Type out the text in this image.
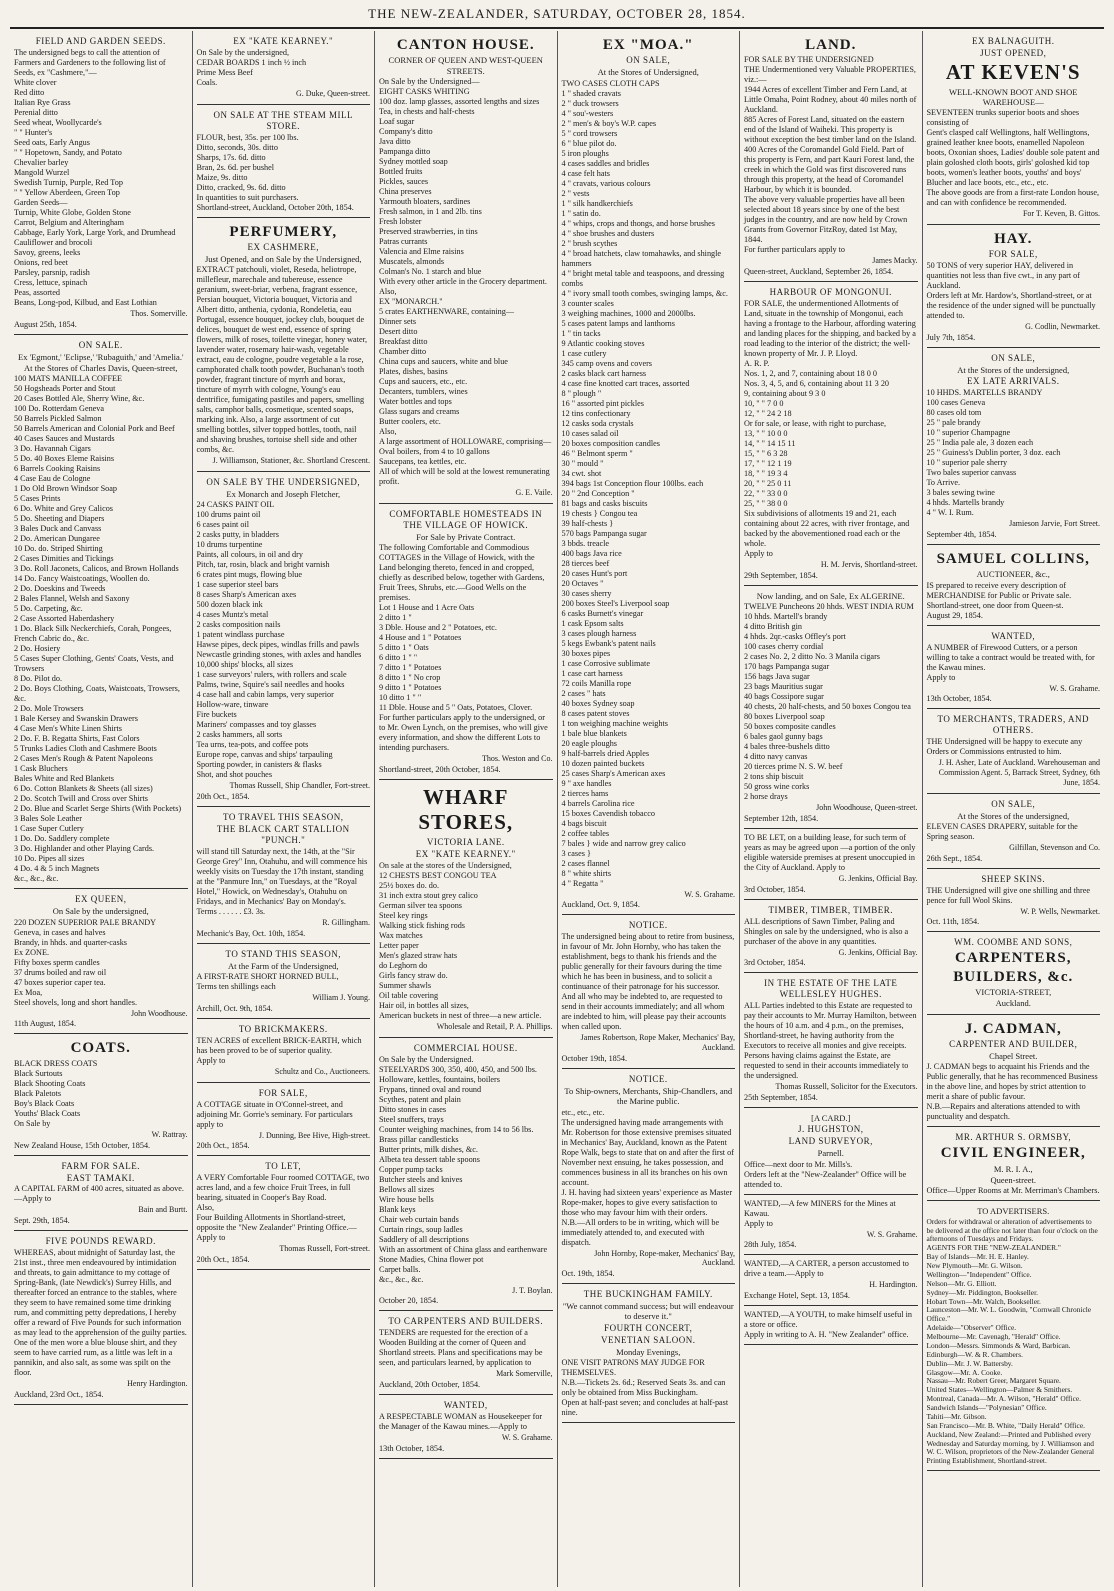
THE NEW-ZEALANDER, SATURDAY, OCTOBER 28, 1854.
FIELD AND GARDEN SEEDS.

The undersigned begs to call the attention of Farmers and Gardeners to the following list of Seeds, ex "Cashmere,"—

White clover

Red ditto

Italian Rye Grass

Perenial ditto

Seed wheat, Woollycarde's

" " Hunter's

Seed oats, Early Angus

" " Hopetown, Sandy, and Potato

Chevalier barley

Mangold Wurzel

Swedish Turnip, Purple, Red Top

" " Yellow Aberdeen, Green Top

Garden Seeds—

Turnip, White Globe, Golden Stone

Carrot, Belgium and Alteringham

Cabbage, Early York, Large York, and Drumhead

Cauliflower and brocoli

Savoy, greens, leeks

Onions, red beet

Parsley, parsnip, radish

Cress, lettuce, spinach

Peas, assorted

Beans, Long-pod, Kilbud, and East Lothian

Thos. Somerville.
August 25th, 1854.
ON SALE.
Ex 'Egmont,' 'Eclipse,' 'Rubaguith,' and 'Amelia.'
At the Stores of Charles Davis, Queen-street,

100 MATS MANILLA COFFEE

50 Hogsheads Porter and Stout

20 Cases Bottled Ale, Sherry Wine, &c.

100 Do. Rotterdam Geneva

50 Barrels Pickled Salmon

50 Barrels American and Colonial Pork and Beef

40 Cases Sauces and Mustards

3 Do. Havannah Cigars

5 Do. 40 Boxes Eleme Raisins

6 Barrels Cooking Raisins

4 Case Eau de Cologne

1 Do Old Brown Windsor Soap

5 Cases Prints

6 Do. White and Grey Calicos

5 Do. Sheeting and Diapers

3 Bales Duck and Canvass

2 Do. American Dungaree

10 Do. do. Striped Shirting

2 Cases Dimities and Tickings

3 Do. Roll Jaconets, Calicos, and Brown Hollands

14 Do. Fancy Waistcoatings, Woollen do.

2 Do. Doeskins and Tweeds

2 Bales Flannel, Welsh and Saxony

5 Do. Carpeting, &c.

2 Case Assorted Haberdashery

1 Do. Black Silk Neckerchiefs, Corah, Pongees, French Cabric do., &c.

2 Do. Hosiery

5 Cases Super Clothing, Gents' Coats, Vests, and Trowsers

8 Do. Pilot do.

2 Do. Boys Clothing, Coats, Waistcoats, Trowsers, &c.

2 Do. Mole Trowsers

1 Bale Kersey and Swanskin Drawers

4 Case Men's White Linen Shirts

2 Do. F. B. Regatta Shirts, Fast Colors

5 Trunks Ladies Cloth and Cashmere Boots

2 Cases Men's Rough & Patent Napoleons

1 Cask Bluchers

Bales White and Red Blankets

6 Do. Cotton Blankets & Sheets (all sizes)

2 Do. Scotch Twill and Cross over Shirts

2 Do. Blue and Scarlet Serge Shirts (With Pockets)

3 Bales Sole Leather

1 Case Super Cutlery

1 Do. Do. Saddlery complete

3 Do. Highlander and other Playing Cards.

10 Do. Pipes all sizes

4 Do. 4 & 5 inch Magnets

&c., &c., &c.

EX QUEEN,
On Sale by the undersigned,

220 DOZEN SUPERIOR PALE BRANDY

Geneva, in cases and halves

Brandy, in hhds. and quarter-casks

Ex ZONE.

Fifty boxes sperm candles

37 drums boiled and raw oil

47 boxes superior caper tea.

Ex Moa,

Steel shovels, long and short handles.

John Woodhouse.
11th August, 1854.
COATS.

BLACK DRESS COATS

Black Surtouts

Black Shooting Coats

Black Paletots

Boy's Black Coats

Youths' Black Coats

On Sale by

W. Rattray.
New Zealand House, 15th October, 1854.
FARM FOR SALE.
EAST TAMAKI.

A CAPITAL FARM of 400 acres, situated as above.—Apply to

Bain and Burtt.
Sept. 29th, 1854.
FIVE POUNDS REWARD.

WHEREAS, about midnight of Saturday last, the 21st inst., three men endeavoured by intimidation and threats, to gain admittance to my cottage of Spring-Bank, (late Newdick's) Surrey Hills, and thereafter forced an entrance to the stables, where they seem to have remained some time drinking rum, and committing petty depredations, I hereby offer a reward of Five Pounds for such information as may lead to the apprehension of the guilty parties.

One of the men wore a blue blouse shirt, and they seem to have carried rum, as a little was left in a pannikin, and also salt, as some was spilt on the floor.

Henry Hardington.
Auckland, 23rd Oct., 1854.
EX "KATE KEARNEY."

On Sale by the undersigned,

CEDAR BOARDS 1 inch ½ inch

Prime Mess Beef

Coals.

G. Duke, Queen-street.
ON SALE AT THE STEAM MILL STORE.

FLOUR, best, 35s. per 100 lbs.

Ditto, seconds, 30s. ditto

Sharps, 17s. 6d. ditto

Bran, 2s. 6d. per bushel

Maize, 9s. ditto

Ditto, cracked, 9s. 6d. ditto

In quantities to suit purchasers.

Shortland-street, Auckland, October 20th, 1854.
PERFUMERY,
EX CASHMERE,
Just Opened, and on Sale by the Undersigned,

EXTRACT patchouli, violet, Reseda, heliotrope, millefleur, marechale and tubereuse, essence geranium, sweet-briar, verbena, fragrant essence, Persian bouquet, Victoria bouquet, Victoria and Albert ditto, anthenia, cydonia, Rondeletia, eau Portugal, essence bouquet, jockey club, bouquet de delices, bouquet de west end, essence of spring flowers, milk of roses, toilette vinegar, honey water, lavender water, rosemary hair-wash, vegetable extract, eau de cologne, poudre vegetable a la rose, camphorated chalk tooth powder, Buchanan's tooth powder, fragrant tincture of myrrh and borax, tincture of myrrh with cologne, Young's eau dentrifice, fumigating pastiles and papers, smelling salts, camphor balls, cosmetique, scented soaps, marking ink. Also, a large assortment of cut smelling bottles, silver topped bottles, tooth, nail and shaving brushes, tortoise shell side and other combs, &c.

J. Williamson, Stationer, &c. Shortland Crescent.
ON SALE BY THE UNDERSIGNED,
Ex Monarch and Joseph Fletcher,

24 CASKS PAINT OIL

100 drums paint oil

6 cases paint oil

2 casks putty, in bladders

10 drums turpentine

Paints, all colours, in oil and dry

Pitch, tar, rosin, black and bright varnish

6 crates pint mugs, flowing blue

1 case superior steel bars

8 cases Sharp's American axes

500 dozen black ink

4 cases Muntz's metal

2 casks composition nails

1 patent windlass purchase

Hawse pipes, deck pipes, windlas frills and pawls

Newcastle grinding stones, with axles and handles

10,000 ships' blocks, all sizes

1 case surveyors' rulers, with rollers and scale

Palms, twine, Squire's sail needles and hooks

4 case hall and cabin lamps, very superior

Hollow-ware, tinware

Fire buckets

Mariners' compasses and toy glasses

2 casks hammers, all sorts

Tea urns, tea-pots, and coffee pots

Europe rope, canvas and ships' tarpauling

Sporting powder, in canisters & flasks

Shot, and shot pouches

Thomas Russell, Ship Chandler, Fort-street.
20th Oct., 1854.
TO TRAVEL THIS SEASON,
THE BLACK CART STALLION "PUNCH."

will stand till Saturday next, the 14th, at the "Sir George Grey" Inn, Otahuhu, and will commence his weekly visits on Tuesday the 17th instant, standing at the "Panmure Inn," on Tuesdays, at the "Royal Hotel," Howick, on Wednesday's, Otahuhu on Fridays, and in Mechanics' Bay on Monday's.

Terms . . . . . . £3. 3s.

R. Gillingham.
Mechanic's Bay, Oct. 10th, 1854.
TO STAND THIS SEASON,
At the Farm of the Undersigned,

A FIRST-RATE SHORT HORNED BULL,

Terms ten shillings each

William J. Young.
Archill, Oct. 9th, 1854.
TO BRICKMAKERS.

TEN ACRES of excellent BRICK-EARTH, which has been proved to be of superior quality.

Apply to

Schultz and Co., Auctioneers.
FOR SALE,

A COTTAGE situate in O'Connel-street, and adjoining Mr. Gorrie's seminary. For particulars apply to

J. Dunning, Bee Hive, High-street.
20th Oct., 1854.
TO LET,

A VERY Comfortable Four roomed COTTAGE, two acres land, and a few choice Fruit Trees, in full bearing, situated in Cooper's Bay Road.

Also,

Four Building Allotments in Shortland-street, opposite the "New Zealander" Printing Office.—Apply to

Thomas Russell, Fort-street.
20th Oct., 1854.
CANTON HOUSE.
CORNER OF QUEEN AND WEST-QUEEN STREETS.

On Sale by the Undersigned—

EIGHT CASKS WHITING

100 doz. lamp glasses, assorted lengths and sizes

Tea, in chests and half-chests

Loaf sugar

Company's ditto

Java ditto

Pampanga ditto

Sydney mottled soap

Bottled fruits

Pickles, sauces

China preserves

Yarmouth bloaters, sardines

Fresh salmon, in 1 and 2lb. tins

Fresh lobster

Preserved strawberries, in tins

Patras currants

Valencia and Elme raisins

Muscatels, almonds

Colman's No. 1 starch and blue

With every other article in the Grocery department.

Also,

EX "MONARCH."

5 crates EARTHENWARE, containing—

Dinner sets

Desert ditto

Breakfast ditto

Chamber ditto

China cups and saucers, white and blue

Plates, dishes, basins

Cups and saucers, etc., etc.

Decanters, tumblers, wines

Water bottles and tops

Glass sugars and creams

Butter coolers, etc.

Also,

A large assortment of HOLLOWARE, comprising—

Oval boilers, from 4 to 10 gallons

Saucepans, tea kettles, etc.

All of which will be sold at the lowest remunerating profit.

G. E. Vaile.
COMFORTABLE HOMESTEADS IN THE VILLAGE OF HOWICK.
For Sale by Private Contract.

The following Comfortable and Commodious COTTAGES in the Village of Howick, with the Land belonging thereto, fenced in and cropped, chiefly as described below, together with Gardens, Fruit Trees, Shrubs, etc.—Good Wells on the premises.

Lot 1 House and 1 Acre Oats

2 ditto 1 "

3 Dble. House and 2 " Potatoes, etc.

4 House and 1 " Potatoes

5 ditto 1 " Oats

6 ditto 1 " "

7 ditto 1 " Potatoes

8 ditto 1 " No crop

9 ditto 1 " Potatoes

10 ditto 1 " "

11 Dble. House and 5 " Oats, Potatoes, Clover.

For further particulars apply to the undersigned, or to Mr. Owen Lynch, on the premises, who will give every information, and show the different Lots to intending purchasers.

Thos. Weston and Co.
Shortland-street, 20th October, 1854.
WHARF STORES,
VICTORIA LANE.
EX "KATE KEARNEY."

On sale at the stores of the Undersigned,

12 CHESTS BEST CONGOU TEA

25½ boxes do. do.

31 inch extra stout grey calico

German silver tea spoons

Steel key rings

Walking stick fishing rods

Wax matches

Letter paper

Men's glazed straw hats

do Leghorn do

Girls fancy straw do.

Summer shawls

Oil table covering

Hair oil, in bottles all sizes,

American buckets in nest of three—a new article.

Wholesale and Retail, P. A. Phillips.
COMMERCIAL HOUSE.

On Sale by the Undersigned.

STEELYARDS 300, 350, 400, 450, and 500 lbs.

Holloware, kettles, fountains, boilers

Frypans, tinned oval and round

Scythes, patent and plain

Ditto stones in cases

Steel snuffers, trays

Counter weighing machines, from 14 to 56 lbs.

Brass pillar candlesticks

Butter prints, milk dishes, &c.

Albeta tea dessert table spoons

Copper pump tacks

Butcher steels and knives

Bellows all sizes

Wire house bells

Blank keys

Chair web curtain bands

Curtain rings, soup ladles

Saddlery of all descriptions

With an assortment of China glass and earthenware

Stone Madies, China flower pot

Carpet balls.

&c., &c., &c.

J. T. Boylan.
October 20, 1854.
TO CARPENTERS AND BUILDERS.

TENDERS are requested for the erection of a Wooden Building at the corner of Queen and Shortland streets. Plans and specifications may be seen, and particulars learned, by application to

Mark Somerville,
Auckland, 20th October, 1854.
WANTED,

A RESPECTABLE WOMAN as Housekeeper for the Manager of the Kawau mines.—Apply to

W. S. Grahame.
13th October, 1854.
EX "MOA."
ON SALE,
At the Stores of Undersigned,

TWO CASES CLOTH CAPS

1 " shaded cravats

2 " duck trowsers

4 " sou'-westers

2 " men's & boy's W.P. capes

5 " cord trowsers

6 " blue pilot do.

5 iron ploughs

4 cases saddles and bridles

4 case felt hats

4 " cravats, various colours

2 " vests

1 " silk handkerchiefs

1 " satin do.

4 " whips, crops and thongs, and horse brushes

4 " shoe brushes and dusters

2 " brush scythes

4 " broad hatchets, claw tomahawks, and shingle hammers

4 " bright metal table and teaspoons, and dressing combs

4 " ivory small tooth combes, swinging lamps, &c.

3 counter scales

3 weighing machines, 1000 and 2000lbs.

5 cases patent lamps and lanthorns

1 " tin tacks

9 Atlantic cooking stoves

1 case cutlery

345 camp ovens and covers

2 casks black cart harness

4 case fine knotted cart traces, assorted

8 " plough "

16 " assorted pint pickles

12 tins confectionary

12 casks soda crystals

10 cases salad oil

20 boxes composition candles

46 " Belmont sperm "

30 " mould "

34 cwt. shot

394 bags 1st Conception flour 100lbs. each

20 " 2nd Conception "

81 bags and casks biscuits

19 chests } Congou tea

39 half-chests }

570 bags Pampanga sugar

3 bbds. treacle

400 bags Java rice

28 tierces beef

20 cases Hunt's port

20 Octaves "

30 cases sherry

200 boxes Steel's Liverpool soap

6 casks Burnett's vinegar

1 cask Epsom salts

3 cases plough harness

5 kegs Ewbank's patent nails

30 boxes pipes

1 case Corrosive sublimate

1 case cart harness

72 coils Manilla rope

2 cases " hats

40 boxes Sydney soap

8 cases patent stoves

1 ton weighing machine weights

1 bale blue blankets

20 eagle ploughs

9 half-barrels dried Apples

10 dozen painted buckets

25 cases Sharp's American axes

9 " axe handles

2 tierces hams

4 barrels Carolina rice

15 boxes Cavendish tobacco

4 bags biscuit

2 coffee tables

7 bales } wide and narrow grey calico

3 cases }

2 cases flannel

8 " white shirts

4 " Regatta "

W. S. Grahame.
Auckland, Oct. 9, 1854.
NOTICE.

The undersigned being about to retire from business, in favour of Mr. John Hornby, who has taken the establishment, begs to thank his friends and the public generally for their favours during the time which he has been in business, and to solicit a continuance of their patronage for his successor. And all who may be indebted to, are requested to send in their accounts immediately; and all whom are indebted to him, will please pay their accounts when called upon.

James Robertson, Rope Maker, Mechanics' Bay, Auckland.
October 19th, 1854.
NOTICE.
To Ship-owners, Merchants, Ship-Chandlers, and the Marine public.

etc., etc., etc.

The undersigned having made arrangements with Mr. Robertson for those extensive premises situated in Mechanics' Bay, Auckland, known as the Patent Rope Walk, begs to state that on and after the first of November next ensuing, he takes possession, and commences business in all its branches on his own account.

J. H. having had sixteen years' experience as Master Rope-maker, hopes to give every satisfaction to those who may favour him with their orders.

N.B.—All orders to be in writing, which will be immediately attended to, and executed with dispatch.

John Hornby, Rope-maker, Mechanics' Bay, Auckland.
Oct. 19th, 1854.
THE BUCKINGHAM FAMILY.
"We cannot command success; but will endeavour to deserve it."
FOURTH CONCERT,
VENETIAN SALOON.
Monday Evenings,

ONE VISIT PATRONS MAY JUDGE FOR THEMSELVES.

N.B.—Tickets 2s. 6d.; Reserved Seats 3s. and can only be obtained from Miss Buckingham.

Open at half-past seven; and concludes at half-past nine.

LAND.

FOR SALE BY THE UNDERSIGNED

THE Undermentioned very Valuable PROPERTIES, viz.:—

1944 Acres of excellent Timber and Fern Land, at Little Omaha, Point Rodney, about 40 miles north of Auckland.

885 Acres of Forest Land, situated on the eastern end of the Island of Waiheki. This property is without exception the best timber land on the Island.

400 Acres of the Coromandel Gold Field. Part of this property is Fern, and part Kauri Forest land, the creek in which the Gold was first discovered runs through this property, at the head of Coromandel Harbour, by which it is bounded.

The above very valuable properties have all been selected about 18 years since by one of the best judges in the country, and are now held by Crown Grants from Governor FitzRoy, dated 1st May, 1844.

For further particulars apply to

James Macky.
Queen-street, Auckland, September 26, 1854.
HARBOUR OF MONGONUI.

FOR SALE, the undermentioned Allotments of Land, situate in the township of Mongonui, each having a frontage to the Harbour, affording watering and landing places for the shipping, and backed by a road leading to the interior of the district; the well-known property of Mr. J. P. Lloyd.

A. R. P.

Nos. 1, 2, and 7, containing about 18 0 0

Nos. 3, 4, 5, and 6, containing about 11 3 20

9, containing about 9 3 0

10, " " 7 0 0

12, " " 24 2 18

Or for sale, or lease, with right to purchase,

13, " " 10 0 0

14, " " 14 15 11

15, " " 6 3 28

17, " " 12 1 19

18, " " 19 3 4

20, " " 25 0 11

22, " " 33 0 0

25, " " 38 0 0

Six subdivisions of allotments 19 and 21, each containing about 22 acres, with river frontage, and backed by the abovementioned road each or the whole.

Apply to

H. M. Jervis, Shortland-street.
29th September, 1854.
Now landing, and on Sale, Ex ALGERINE.

TWELVE Puncheons 20 hhds. WEST INDIA RUM

10 hhds. Martell's brandy

4 ditto British gin

4 hhds. 2qr.-casks Offley's port

100 cases cherry cordial

2 cases No. 2, 2 ditto No. 3 Manila cigars

170 bags Pampanga sugar

156 bags Java sugar

23 bags Mauritius sugar

40 bags Cossipore sugar

40 chests, 20 half-chests, and 50 boxes Congou tea

80 boxes Liverpool soap

50 boxes composite candles

6 bales gaol gunny bags

4 bales three-bushels ditto

4 ditto navy canvas

20 tierces prime N. S. W. beef

2 tons ship biscuit

50 gross wine corks

2 horse drays

John Woodhouse, Queen-street.
September 12th, 1854.

TO BE LET, on a building lease, for such term of years as may be agreed upon —a portion of the only eligible waterside premises at present unoccupied in the City of Auckland. Apply to

G. Jenkins, Official Bay.
3rd October, 1854.
TIMBER, TIMBER, TIMBER.

ALL descriptions of Sawn Timber, Paling and Shingles on sale by the undersigned, who is also a purchaser of the above in any quantities.

G. Jenkins, Official Bay.
3rd October, 1854.
IN THE ESTATE OF THE LATE WELLESLEY HUGHES.

ALL Parties indebted to this Estate are requested to pay their accounts to Mr. Murray Hamilton, between the hours of 10 a.m. and 4 p.m., on the premises, Shortland-street, he having authority from the Executors to receive all monies and give receipts.

Persons having claims against the Estate, are requested to send in their accounts immediately to the undersigned.

Thomas Russell, Solicitor for the Executors.
25th September, 1854.
[A CARD.]
J. HUGHSTON,
LAND SURVEYOR,
Parnell.

Office—next door to Mr. Mills's.

Orders left at the "New-Zealander" Office will be attended to.

WANTED,—A few MINERS for the Mines at Kawau.

Apply to

W. S. Grahame.
28th July, 1854.

WANTED,—A CARTER, a person accustomed to drive a team.—Apply to

H. Hardington.
Exchange Hotel, Sept. 13, 1854.

WANTED,—A YOUTH, to make himself useful in a store or office.

Apply in writing to A. H. "New Zealander" office.

EX BALNAGUITH.
JUST OPENED,
AT KEVEN'S
WELL-KNOWN BOOT AND SHOE WAREHOUSE—

SEVENTEEN trunks superior boots and shoes consisting of

Gent's clasped calf Wellingtons, half Wellingtons, grained leather knee boots, enamelled Napoleon boots, Oxonian shoes, Ladies' double sole patent and plain goloshed cloth boots, girls' goloshed kid top boots, women's leather boots, youths' and boys' Blucher and lace boots, etc., etc., etc.

The above goods are from a first-rate London house, and can with confidence be recommended.

For T. Keven, B. Gittos.
HAY.
FOR SALE,

50 TONS of very superior HAY, delivered in quantities not less than five cwt., in any part of Auckland.

Orders left at Mr. Hardow's, Shortland-street, or at the residence of the under signed will be punctually attended to.

G. Codlin, Newmarket.
July 7th, 1854.
ON SALE,
At the Stores of the undersigned,
EX LATE ARRIVALS.

10 HHDS. MARTELLS BRANDY

100 cases Geneva

80 cases old tom

25 " pale brandy

10 " superior Champagne

25 " India pale ale, 3 dozen each

25 " Guiness's Dublin porter, 3 doz. each

10 " superior pale sherry

Two bales superior canvass

To Arrive.

3 bales sewing twine

4 hhds. Martells brandy

4 " W. I. Rum.

Jamieson Jarvie, Fort Street.
September 4th, 1854.
SAMUEL COLLINS,
AUCTIONEER, &c.,

IS prepared to receive every description of MERCHANDISE for Public or Private sale.

Shortland-street, one door from Queen-st.

August 29, 1854.
WANTED,

A NUMBER of Firewood Cutters, or a person willing to take a contract would be treated with, for the Kawau mines.

Apply to

W. S. Grahame.
13th October, 1854.
TO MERCHANTS, TRADERS, AND OTHERS.

THE Undersigned will be happy to execute any Orders or Commissions entrusted to him.

J. H. Asher, Late of Auckland. Warehouseman and Commission Agent. 5, Barrack Street, Sydney, 6th June, 1854.
ON SALE,
At the Stores of the undersigned,

ELEVEN CASES DRAPERY, suitable for the Spring season.

Gilfillan, Stevenson and Co.
26th Sept., 1854.
SHEEP SKINS.

THE Undersigned will give one shilling and three pence for full Wool Skins.

W. P. Wells, Newmarket.
Oct. 11th, 1854.
WM. COOMBE AND SONS,
CARPENTERS, BUILDERS, &c.
VICTORIA-STREET,
Auckland.
J. CADMAN,
CARPENTER AND BUILDER,
Chapel Street.

J. CADMAN begs to acquaint his Friends and the Public generally, that he has recommenced Business in the above line, and hopes by strict attention to merit a share of public favour.

N.B.—Repairs and alterations attended to with punctuality and despatch.

MR. ARTHUR S. ORMSBY,
CIVIL ENGINEER,
M. R. I. A.,
Queen-street.

Office—Upper Rooms at Mr. Merriman's Chambers.

TO ADVERTISERS.

Orders for withdrawal or alteration of advertisements to be delivered at the office not later than four o'clock on the afternoons of Tuesdays and Fridays.

AGENTS FOR THE "NEW-ZEALANDER."

Bay of Islands—Mr. H. E. Hanley.

New Plymouth—Mr. G. Wilson.

Wellington—"Independent" Office.

Nelson—Mr. G. Elliott.

Sydney—Mr. Piddington, Bookseller.

Hobart Town—Mr. Walch, Bookseller.

Launceston—Mr. W. L. Goodwin, "Cornwall Chronicle Office."

Adelaide—"Observer" Office.

Melbourne—Mr. Cavenagh, "Herald" Office.

London—Messrs. Simmonds & Ward, Barbican.

Edinburgh—W. & R. Chambers.

Dublin—Mr. J. W. Battersby.

Glasgow—Mr. A. Cooke.

Nassau—Mr. Robert Greer, Margaret Square.

United States—Wellington—Palmer & Smithers.

Montreal, Canada—Mr. A. Wilson, "Herald" Office.

Sandwich Islands—"Polynesian" Office.

Tahiti—Mr. Gibson.

San Francisco—Mr. B. White, "Daily Herald" Office.

Auckland, New Zealand:—Printed and Published every Wednesday and Saturday morning, by J. Williamson and W. C. Wilson, proprietors of the New-Zealander General Printing Establishment, Shortland-street.
